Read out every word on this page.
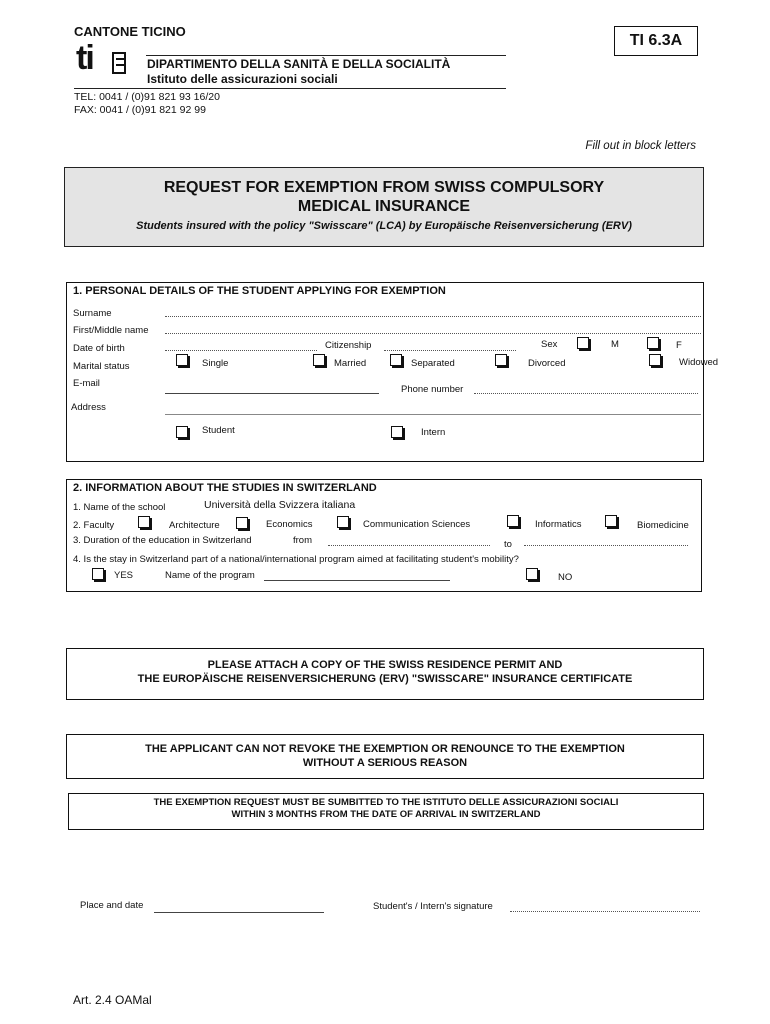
CANTONE TICINO
TI 6.3A
ti	DIPARTIMENTO DELLA SANITÀ E DELLA SOCIALITÀ
Istituto delle assicurazioni sociali
TEL: 0041 / (0)91 821 93 16/20
FAX: 0041 / (0)91 821 92 99
Fill out in block letters
REQUEST FOR EXEMPTION FROM SWISS COMPULSORY
MEDICAL INSURANCE
Students insured with the policy "Swisscare" (LCA) by Europäische Reisenversicherung (ERV)
1. PERSONAL DETAILS OF THE STUDENT APPLYING FOR EXEMPTION
Surname
First/Middle name
Date of birth	Citizenship	Sex	M	F
Marital status	Single	Married	Separated	Divorced	Widowed
E-mail
Phone number
Address
Student	Intern
2. INFORMATION ABOUT THE STUDIES IN SWITZERLAND
1. Name of the school	Università della Svizzera italiana
2. Faculty	Architecture	Economics	Communication Sciences	Informatics	Biomedicine
3. Duration of the education in Switzerland	from	to
4. Is the stay in Switzerland part of a national/international program aimed at facilitating student's mobility?
YES	Name of the program	NO
PLEASE ATTACH A COPY OF THE SWISS RESIDENCE PERMIT AND
THE EUROPÄISCHE REISENVERSICHERUNG (ERV) "SWISSCARE" INSURANCE CERTIFICATE
THE APPLICANT CAN NOT REVOKE THE EXEMPTION OR RENOUNCE TO THE EXEMPTION
WITHOUT A SERIOUS REASON
THE EXEMPTION REQUEST MUST BE SUMBITTED TO THE ISTITUTO DELLE ASSICURAZIONI SOCIALI
WITHIN 3 MONTHS FROM THE DATE OF ARRIVAL IN SWITZERLAND
Place and date	Student's / Intern's signature
Art. 2.4 OAMal
